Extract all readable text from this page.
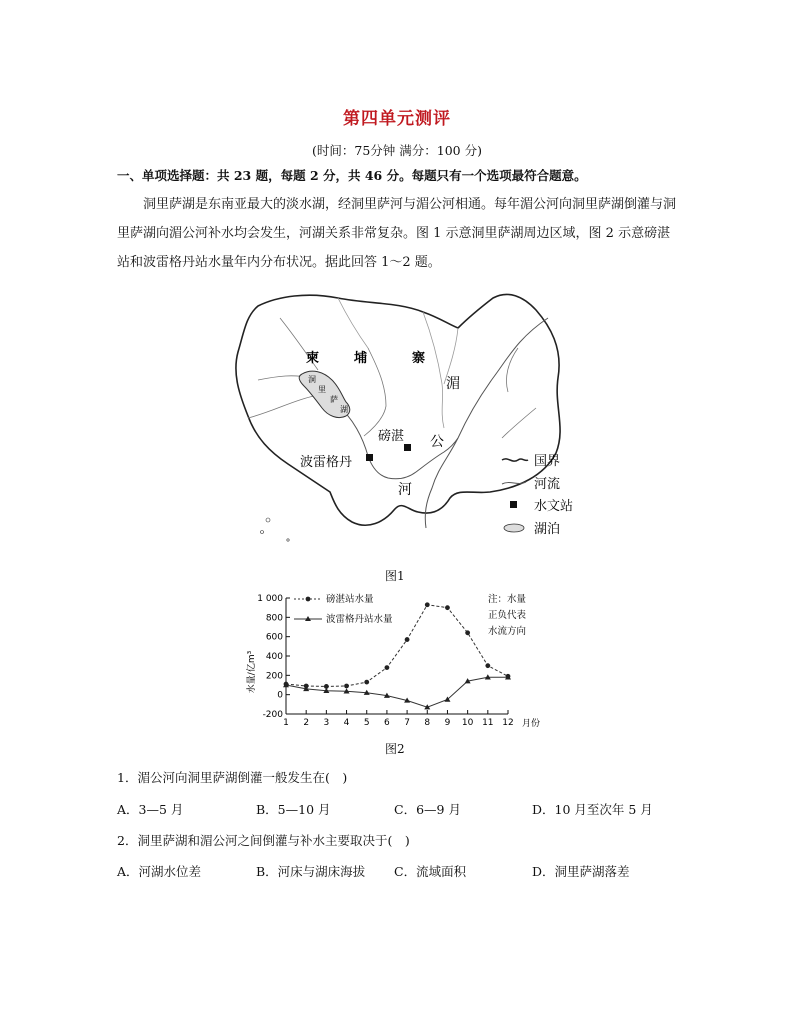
第四单元测评
(时间：75分钟 满分：100 分)
一、单项选择题：共 23 题，每题 2 分，共 46 分。每题只有一个选项最符合题意。
洞里萨湖是东南亚最大的淡水湖，经洞里萨河与湄公河相通。每年湄公河向洞里萨湖倒灌与洞里萨湖向湄公河补水均会发生，河湖关系非常复杂。图 1 示意洞里萨湖周边区域，图 2 示意磅湛站和波雷格丹站水量年内分布状况。据此回答 1～2 题。
柬	埔	寨
洞
里
萨
湖
湄
公
河
磅湛
波雷格丹	国界
河流
水文站
湖泊
图1
1 000
800
600
400
200
0
-200
1 2 3 4 5 6 7 8 9 10 11 12
水量/亿m³
月份
注：水量
正负代表
水流方向
磅湛站水量
波雷格丹站水量
图2
1．湄公河向洞里萨湖倒灌一般发生在(　)
A．3—5 月	B．5—10 月	C．6—9 月	D．10 月至次年 5 月
2．洞里萨湖和湄公河之间倒灌与补水主要取决于(　)
A．河湖水位差	B．河床与湖床海拔 C．流域面积	D．洞里萨湖落差
